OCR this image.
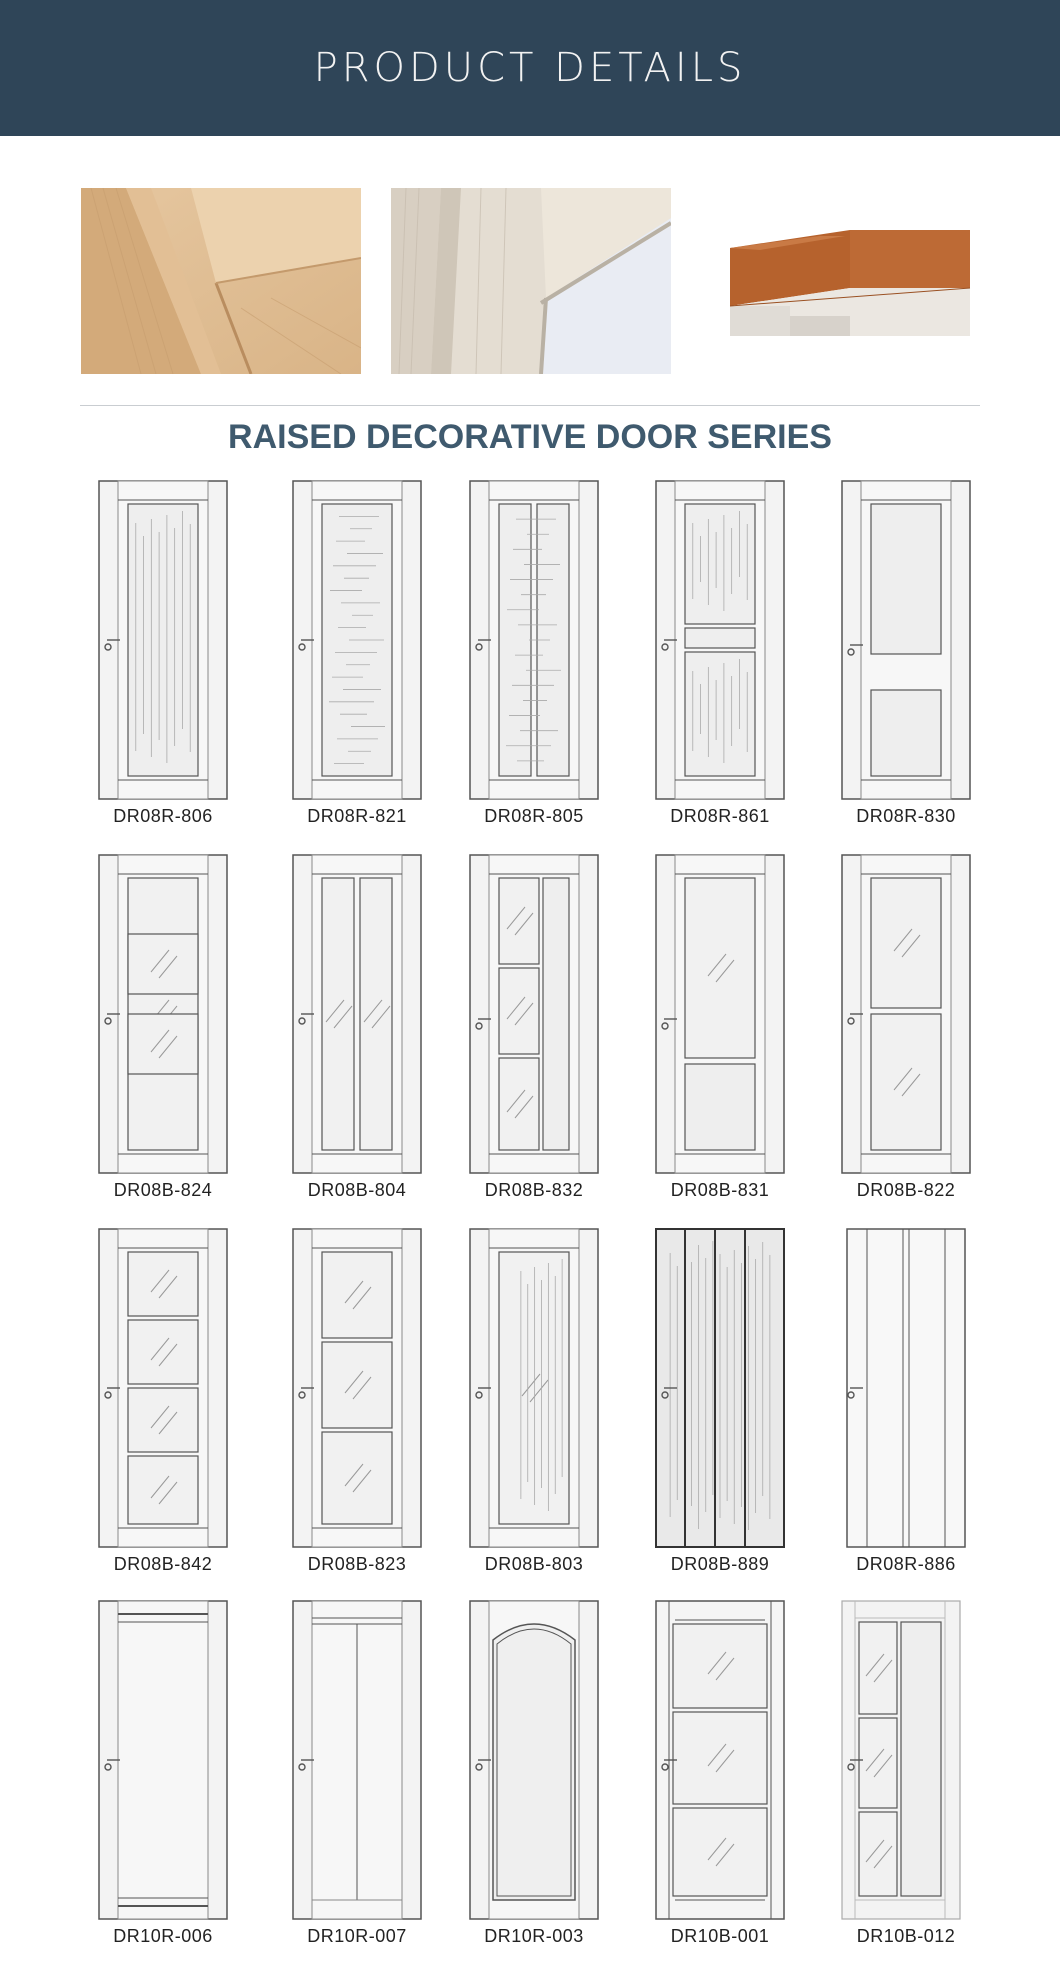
PRODUCT DETAILS
RAISED DECORATIVE DOOR SERIES
DR08R-806	DR08R-821	DR08R-805	DR08R-861	DR08R-830
DR08B-824	DR08B-804	DR08B-832	DR08B-831	DR08B-822
DR08B-842	DR08B-823	DR08B-803	DR08B-889	DR08R-886
DR10R-006	DR10R-007	DR10R-003	DR10B-001	DR10B-012
